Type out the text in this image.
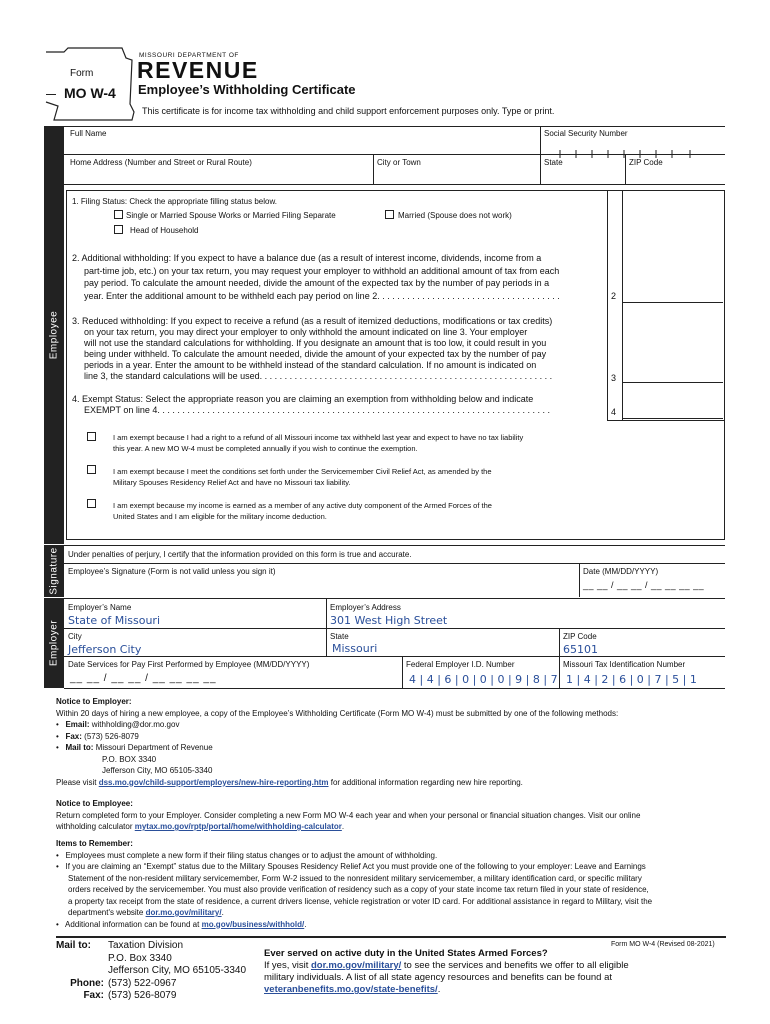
Form
MO W-4
MISSOURI DEPARTMENT OF
REVENUE
Employee’s Withholding Certificate
This certificate is for income tax withholding and child support enforcement purposes only. Type or print.
Employee
Full Name	Social Security Number
Home Address (Number and Street or Rural Route)	City or Town	State	ZIP Code
1. Filing Status: Check the appropriate filling status below.
Single or Married Spouse Works or Married Filing Separate	Married (Spouse does not work)
Head of Household

2. Additional withholding: If you expect to have a balance due (as a result of interest income, dividends, income from a

part-time job, etc.) on your tax return, you may request your employer to withhold an additional amount of tax from each

pay period. To calculate the amount needed, divide the amount of the expected tax by the number of pay periods in a

year. Enter the additional amount to be withheld each pay period on line 2. . . . . . . . . . . . . . . . . . . . . . . . . . . . . . . . . . . . .	2

3. Reduced withholding: If you expect to receive a refund (as a result of itemized deductions, modifications or tax credits)

on your tax return, you may direct your employer to only withhold the amount indicated on line 3. Your employer

will not use the standard calculations for withholding. If you designate an amount that is too low, it could result in you

being under withheld. To calculate the amount needed, divide the amount of your expected tax by the number of pay

periods in a year. Enter the amount to be withheld instead of the standard calculation. If no amount is indicated on

line 3, the standard calculations will be used. . . . . . . . . . . . . . . . . . . . . . . . . . . . . . . . . . . . . . . . . . . . . . . . . . . . . . . . . . .	3

4. Exempt Status: Select the appropriate reason you are claiming an exemption from withholding below and indicate

EXEMPT on line 4. . . . . . . . . . . . . . . . . . . . . . . . . . . . . . . . . . . . . . . . . . . . . . . . . . . . . . . . . . . . . . . . . . . . . . . . . . . . . . .	4

I am exempt because I had a right to a refund of all Missouri income tax withheld last year and expect to have no tax liability

this year. A new MO W-4 must be completed annually if you wish to continue the exemption.

I am exempt because I meet the conditions set forth under the Servicemember Civil Relief Act, as amended by the

Military Spouses Residency Relief Act and have no Missouri tax liability.

I am exempt because my income is earned as a member of any active duty component of the Armed Forces of the

United States and I am eligible for the military income deduction.

Signature Under penalties of perjury, I certify that the information provided on this form is true and accurate.
Employee’s Signature (Form is not valid unless you sign it)	Date (MM/DD/YYYY)
__ __ / __ __ / __ __ __ __
Employer
Employer’s Name
State of Missouri
Employer’s Address
301 West High Street
City
Jefferson City
State
Missouri
ZIP Code
65101
Date Services for Pay First Performed by Employee (MM/DD/YYYY)
__ __ / __ __ / __ __ __ __
Federal Employer I.D. Number
4 | 4 | 6 | 0 | 0 | 0 | 9 | 8 | 7
Missouri Tax Identification Number
1 | 4 | 2 | 6 | 0 | 7 | 5 | 1

Notice to Employer:

Within 20 days of hiring a new employee, a copy of the Employee’s Withholding Certificate (Form MO W-4) must be submitted by one of the following methods:

•   Email: withholding@dor.mo.gov

•   Fax: (573) 526-8079

•   Mail to: Missouri Department of Revenue

P.O. BOX 3340

Jefferson City, MO 65105-3340

Please visit dss.mo.gov/child-support/employers/new-hire-reporting.htm for additional information regarding new hire reporting.

Notice to Employee:

Return completed form to your Employer. Consider completing a new Form MO W-4 each year and when your personal or financial situation changes. Visit our online

withholding calculator mytax.mo.gov/rptp/portal/home/withholding-calculator.

Items to Remember:

•   Employees must complete a new form if their filing status changes or to adjust the amount of withholding.

•   If you are claiming an “Exempt” status due to the Military Spouses Residency Relief Act you must provide one of the following to your employer: Leave and Earnings

Statement of the non-resident military servicemember, Form W-2 issued to the nonresident military servicemember, a military identification card, or specific military

orders received by the servicemember. You must also provide verification of residency such as a copy of your state income tax return filed in your state of residence,

a property tax receipt from the state of residence, a current drivers license, vehicle registration or voter ID card. For additional assistance in regard to Military, visit the

department's website dor.mo.gov/military/.

•   Additional information can be found at mo.gov/business/withhold/.

Mail to: Taxation Division
P.O. Box 3340
Jefferson City, MO 65105-3340
Phone: (573) 522-0967
Fax: (573) 526-8079
Form MO W-4 (Revised 08-2021)

Ever served on active duty in the United States Armed Forces?

If yes, visit dor.mo.gov/military/ to see the services and benefits we offer to all eligible

military individuals. A list of all state agency resources and benefits can be found at

veteranbenefits.mo.gov/state-benefits/.
